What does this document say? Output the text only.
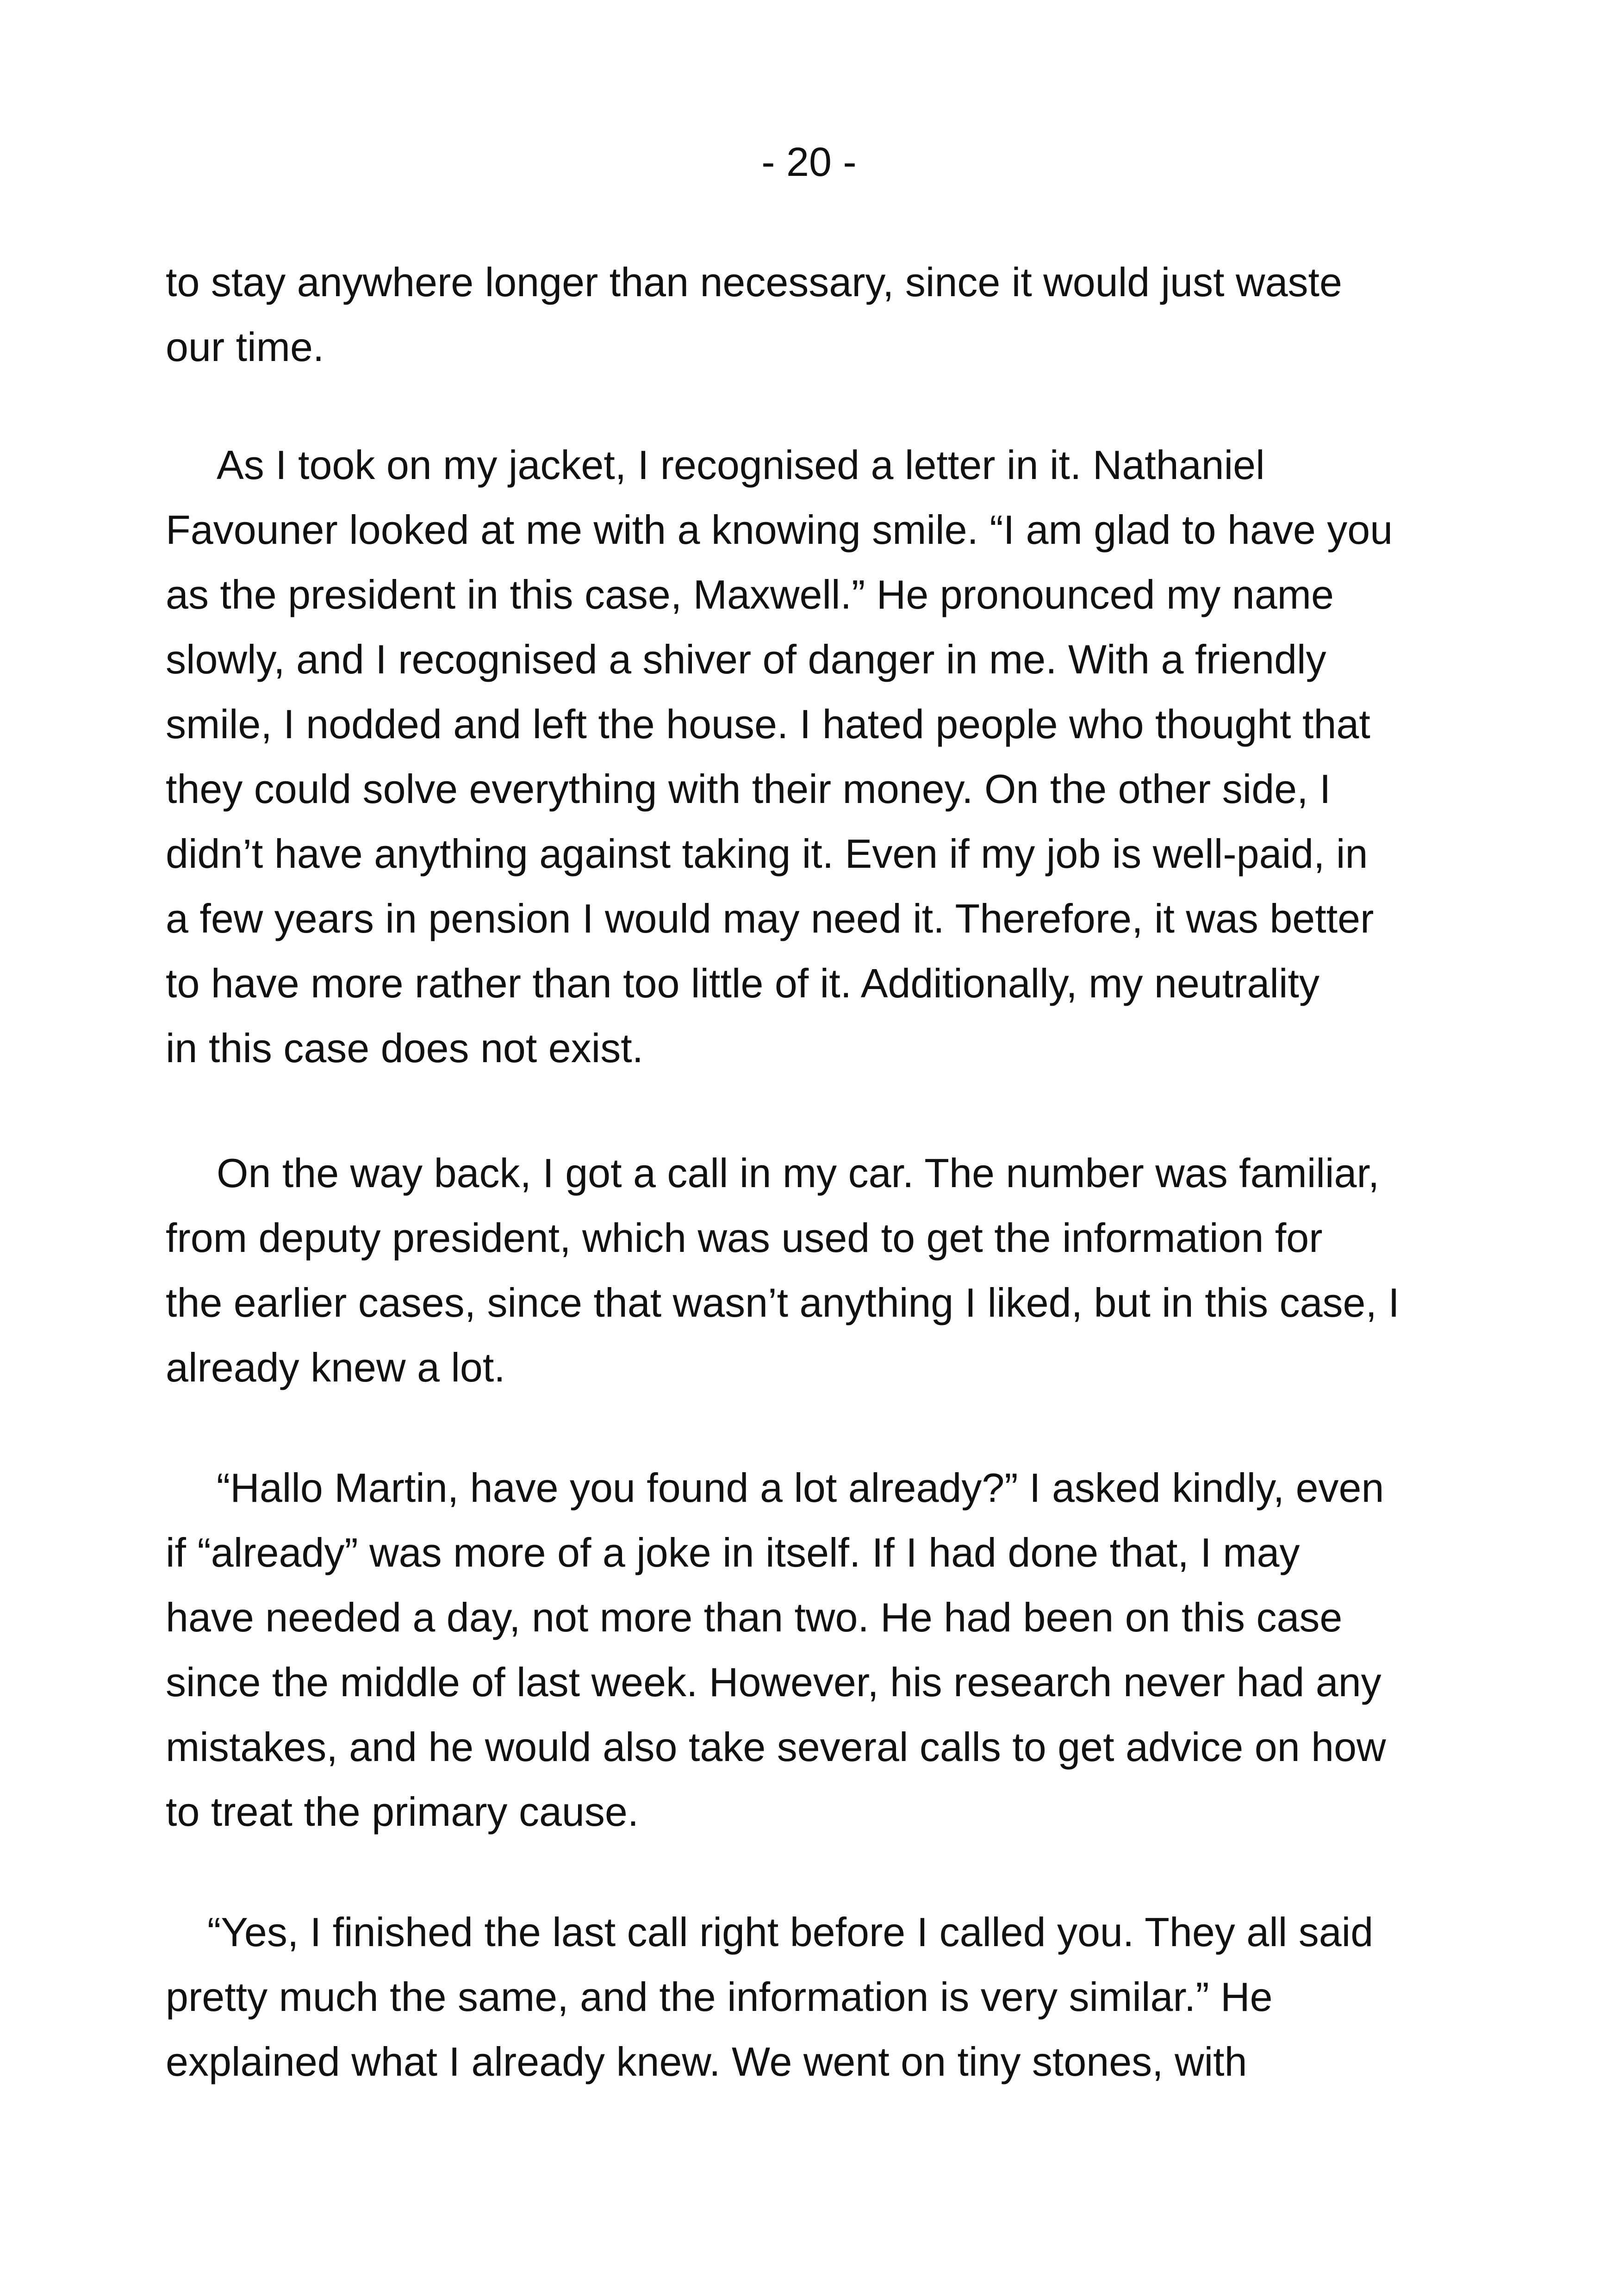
- 20 -
to stay anywhere longer than necessary, since it would just waste
our time.
As I took on my jacket, I recognised a letter in it. Nathaniel
Favouner looked at me with a knowing smile. “I am glad to have you
as the president in this case, Maxwell.” He pronounced my name
slowly, and I recognised a shiver of danger in me. With a friendly
smile, I nodded and left the house. I hated people who thought that
they could solve everything with their money. On the other side, I
didn’t have anything against taking it. Even if my job is well-paid, in
a few years in pension I would may need it. Therefore, it was better
to have more rather than too little of it. Additionally, my neutrality
in this case does not exist.
On the way back, I got a call in my car. The number was familiar,
from deputy president, which was used to get the information for
the earlier cases, since that wasn’t anything I liked, but in this case, I
already knew a lot.
“Hallo Martin, have you found a lot already?” I asked kindly, even
if “already” was more of a joke in itself. If I had done that, I may
have needed a day, not more than two. He had been on this case
since the middle of last week. However, his research never had any
mistakes, and he would also take several calls to get advice on how
to treat the primary cause.
“Yes, I finished the last call right before I called you. They all said
pretty much the same, and the information is very similar.” He
explained what I already knew. We went on tiny stones, with
